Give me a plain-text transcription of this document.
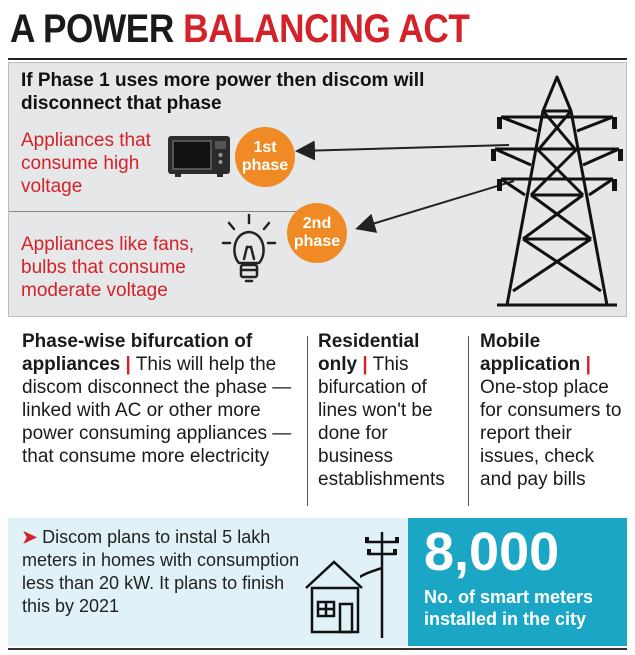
A POWER BALANCING ACT
If Phase 1 uses more power then discom will disconnect that phase
Appliances that consume high voltage
1st
phase
Appliances like fans, bulbs that consume moderate voltage
2nd
phase
Phase-wise bifurcation of appliances | This will help the discom disconnect the phase — linked with AC or other more power consuming appliances — that consume more electricity
Residential only | This bifurcation of lines won't be done for business establishments
Mobile application | One-stop place for consumers to report their issues, check and pay bills
➤ Discom plans to instal 5 lakh meters in homes with consumption less than 20 kW. It plans to finish this by 2021
8,000
No. of smart meters installed in the city
